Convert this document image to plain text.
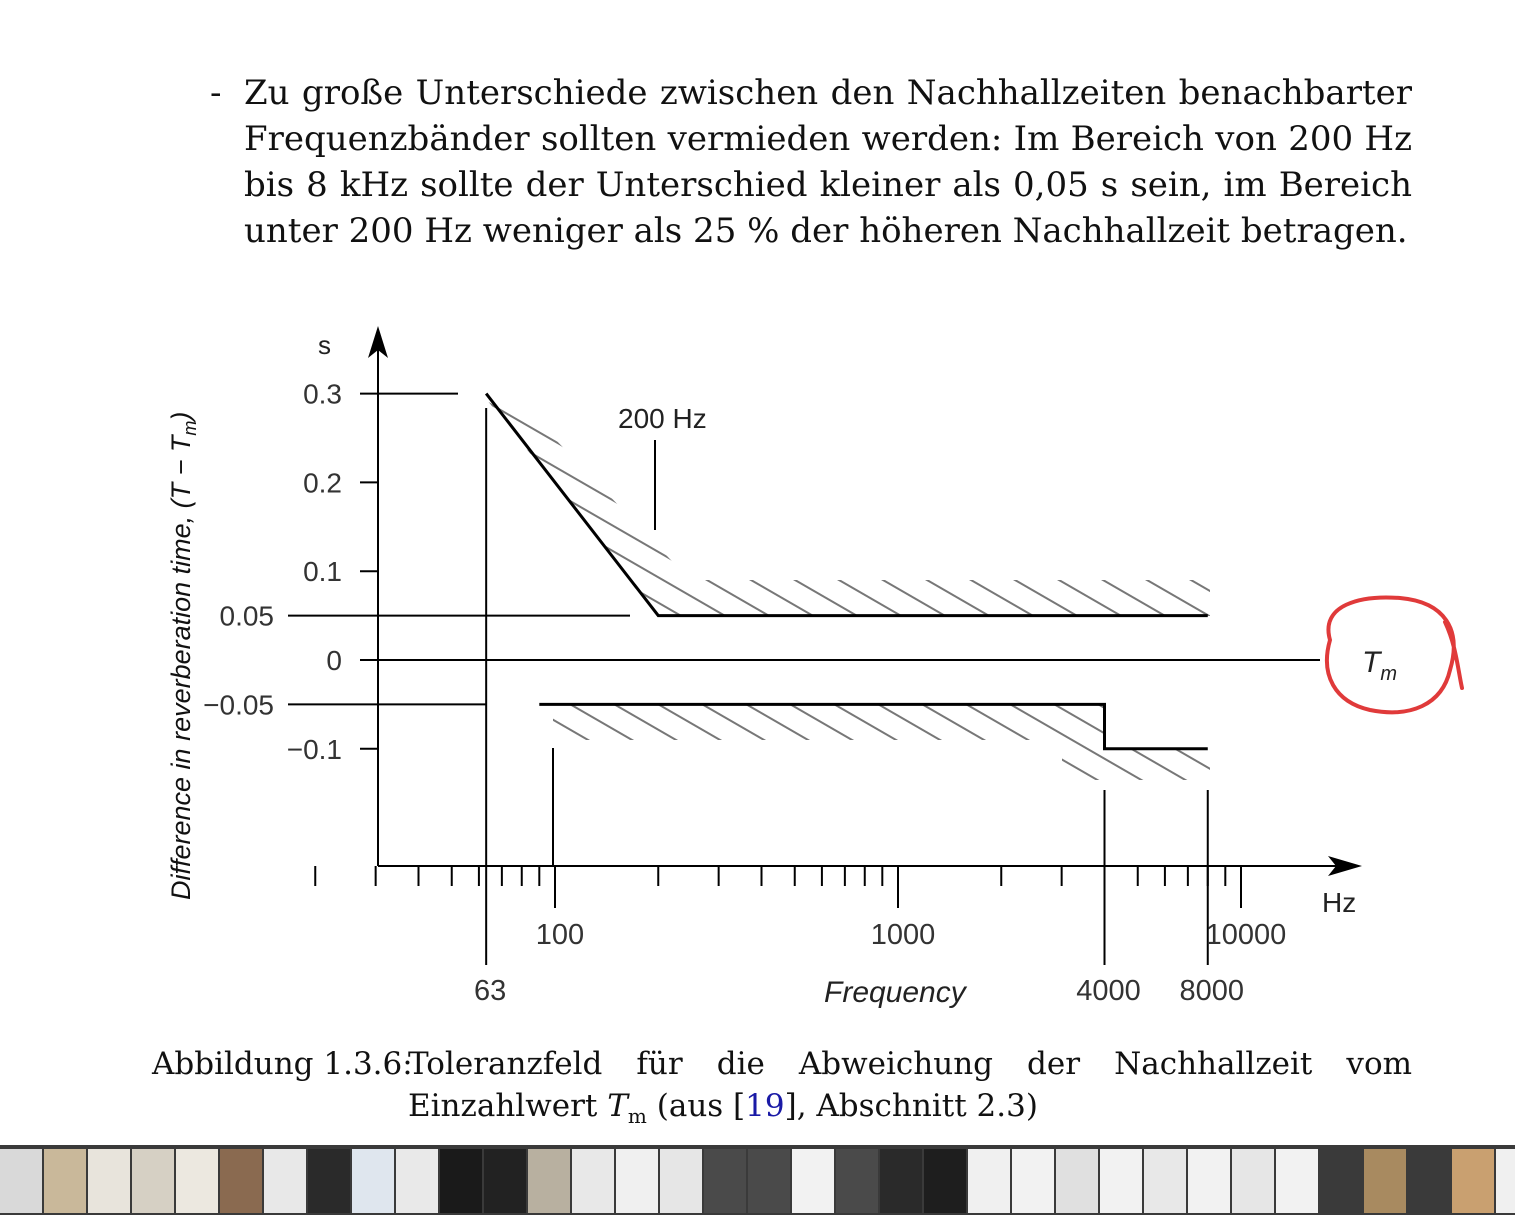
- Zu große Unterschiede zwischen den Nachhallzeiten benachbarter Frequenzbänder sollten vermieden werden: Im Bereich von 200 Hz bis 8 kHz sollte der Unterschied kleiner als 0,05 s sein, im Bereich unter 200 Hz weniger als 25 % der höheren Nachhallzeit betragen.
0.3
0.2
0.1
0.05
0
−0.05
−0.1
100	1000	10000
63	4000 8000
s
Hz
Difference in reverberation time, $(T - T_m)$
Frequency
200 Hz
$T_m$
Abbildung 1.3.6:
Toleranzfeld für die Abweichung der Nachhallzeit vom Einzahlwert $T_m$ (aus [19], Abschnitt 2.3)
